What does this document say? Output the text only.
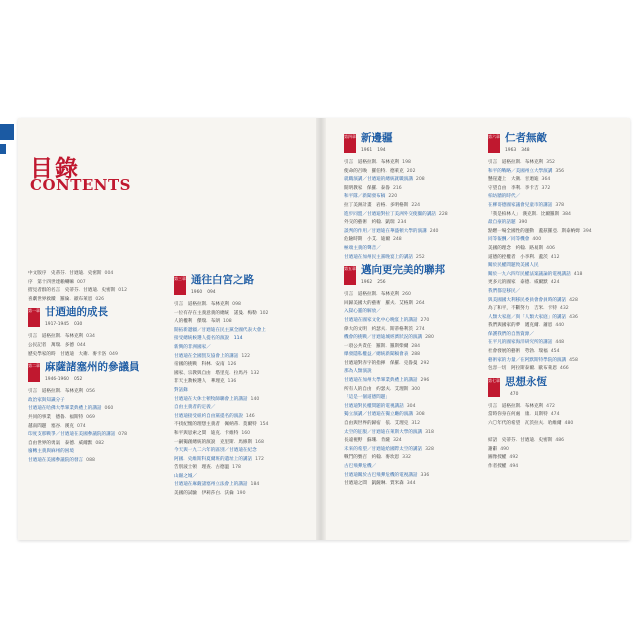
目錄
CONTENTS
中文版序　史蒂芬．甘迺迪．史密斯 004
序　第十四世達賴喇嘛 007
摺見者群的名言　史蒂芬．甘迺迪．史密斯 012
喜劇世界救贖　羅倫．歐布萊恩 026
第一章 甘迺迪的成長
1917-1945 030
引言　道格拉斯．布林克利 034
公民記者　萬瑞．多德 044
歷史學家的時　甘迺迪　大衛．麥卡洛 049
第二章 麻薩諸塞州的參議員
1946-1960 052
引言　道格拉斯．布林克利 056
政治家與知識分子
甘迺迪在哈佛大學畢業典禮上的講話 060
共同的事業　德魯．福斯特 069
越南問題　塞谷．漢克 074
印度支那戰爭／甘迺迪在美國參議院的講話 078
自由世界的勇氣　泰德．威爾默 082
廢轉主義與麻州的困境
甘迺迪在美國參議院的發言 088
第三章 通往白宮之路
1960 094
引言　道格拉斯．布林克利 098
一位有存在主義意義的總統　諾曼．梅勒 102
人的權利　傑瑞．布朗 108
開拓新邊疆／甘迺迪在民主黨全國代表大會上
接受總統候選人提名的演說　114
新興的非洲國家／
甘迺迪在全國賀友協會上的講話 122
帝國的挑戰　科林．安南 126
國家、宗教與自由　塔里克．拉馬丹 132
非天主教候選人　華理克 136
對話錄
甘迺迪在大休士頓牧師聯會上的講話 140
自由主義者的定義／
甘迺迪接受紐約自由黨提名的演說 146
不找紀懷的理想主義者　佩納蒂．莫爾特 154
和平與思索之間　迪克．卡維特 160
一嗣獨創總統的演說　克里斯．馬修斯 168
今天與一九二六年的區別／甘迺迪在紀念
阿國．史維斯科夏爾班的遺址上的講話 172
告別波士頓　理查．古德溫 178
山巔之城／
甘迺迪在麻薩諸塞州立法會上的講話 184
美國的試驗　伊莉莎白．沃倫 190
第四章 新邊疆
1961 194
引言　道格拉斯．布林克利 198
使命的召喚　羅伯特．德萊克 202
就職演講／甘迺迪的總統就職演講 208
開明教家　保羅．泰魯 216
和平隊／新聞發布稿 220
拉丁美洲計畫　岩格．多明格斯 224
進步同盟／甘迺迪對拉丁美洲外交使團的講話 228
外交的藝術　約翰．凱瑞 234
談判的作用／甘迺迪在華盛頓大學的演講 240
危險時期　小艾．迪爾 248
極端主義的聲音／
甘迺迪在加州民主黨晚宴上的講話 252
第五章 邁向更完美的聯邦
1962 256
引言　道格拉斯．布林克利 260
回歸美國大的藝術　羅夫．艾格斯 264
入獄心靈的解放／
甘迺迪在國家文化中心晚宴上的講話 270
偉大的文明　約瑟夫．斯蒂格利茨 274
機會的挑戰／甘迺迪城經濟狀況的演講 280
一項公共責任　羅斯．羅斯柴爾 284
爆發隱私權益／總統新聞稿會表 288
甘迺迪對赤字的指揮　保羅．克魯曼 292
那為人類演說
甘迺迪在加州大學畢業典禮上的講話 296
所有人的自由　約瑟夫．艾理斯 300
「這是一個道德問題」
甘迺迪對民權問題的電視講話 304
獨立演講／甘迺迪在獨立廳的演講 308
自由與世界的歸宿　依．艾理克 312
太空的征服／甘迺迪在萊斯大學的演講 318
長遠視野　蘇珊．肯薩 324
未來的希望／甘迺迪給國際太空的講話 328
戰鬥的號召　約翰．麥坎恩 332
古巴飛彈危機／
甘迺迪關於古巴飛彈危機的電視講話 336
甘迺迪之間　凱薩琳．賈米森 344
第六章 仁者無敵
1963 348
引言　道格拉斯．布林克利 352
和平的戰略／美國州立大學演講 356
懸崖邊上　大衛．甘迺迪 364
守望自由　李利．李卡吉 372
柏坊牆的時代／
在柳哥德國家議會兒童市的講話 378
「我是柏林人」　漢克斯．比爾羅斯 384
最自豪的話題 390
點燃一場全國性的運動　蓋茲羅亞．斯泰納姆 394
同等報酬／同等機會 400
美國的理念　約翰．路易斯 406
道德的控權者　小李利．蓋茨 412
關於民權問題致美國人民
關於一九六四年民權法案議論的電視講話 418
更多元的國家　泰德．威爾默 424
我們都是移民／
與美國國大利移民委員會會員時的講話 428
為了和平，不斷努力　吉米．卡特 432
人類大家庭／與「人類大家庭」的講話 436
我們與國家的夢　邁克爾．蕭恩 440
保護我們的自然資源／
在平凡的國家海洋研究所的講話 448
社會發展的藝術　勞勃．瑞福 454
藝術家的力量／在阿默斯特學院的演講 458
包容一切　阿拉斯泰爾．歐布萊恩 466
第七章 思想永恆
470
引言　道格拉斯．布林克利 472
當時你身在何處　康．貝斯特 474
六〇年代的希望　瓦茨拉夫．哈維爾 480
結語　史蒂芬．甘迺迪．史密斯 486
謝辭 490
圖像授權 492
作者授權 494
